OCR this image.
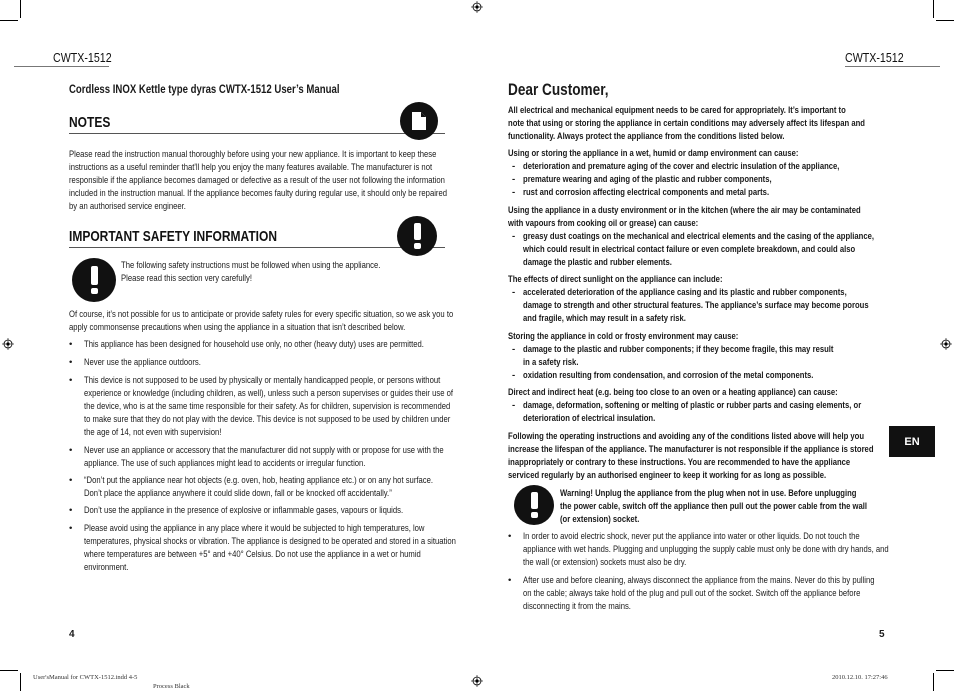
CWTX-1512	CWTX-1512
Cordless INOX Kettle type dyras CWTX-1512 User’s Manual
NOTES
Please read the instruction manual thoroughly before using your new appliance. It is important to keep these
instructions as a useful reminder that'll help you enjoy the many features available. The manufacturer is not
responsible if the appliance becomes damaged or defective as a result of the user not following the information
included in the instruction manual. If the appliance becomes faulty during regular use, it should only be repaired
by an authorised service engineer.
IMPORTANT SAFETY INFORMATION
The following safety instructions must be followed when using the appliance.
Please read this section very carefully!
Of course, it’s not possible for us to anticipate or provide safety rules for every specific situation, so we ask you to
apply commonsense precautions when using the appliance in a situation that isn’t described below.
• This appliance has been designed for household use only, no other (heavy duty) uses are permitted.
• Never use the appliance outdoors.
• This device is not supposed to be used by physically or mentally handicapped people, or persons without
experience or knowledge (including children, as well), unless such a person supervises or guides their use of
the device, who is at the same time responsible for their safety. As for children, supervision is recommended
to make sure that they do not play with the device. This device is not supposed to be used by children under
the age of 14, not even with supervision!
• Never use an appliance or accessory that the manufacturer did not supply with or propose for use with the
appliance. The use of such appliances might lead to accidents or irregular function.
• “Don’t put the appliance near hot objects (e.g. oven, hob, heating appliance etc.) or on any hot surface.
Don’t place the appliance anywhere it could slide down, fall or be knocked off accidentally.”
• Don’t use the appliance in the presence of explosive or inflammable gases, vapours or liquids.
• Please avoid using the appliance in any place where it would be subjected to high temperatures, low
temperatures, physical shocks or vibration. The appliance is designed to be operated and stored in a situation
where temperatures are between +5° and +40° Celsius. Do not use the appliance in a wet or humid
environment.
4
Dear Customer,
All electrical and mechanical equipment needs to be cared for appropriately. It’s important to
note that using or storing the appliance in certain conditions may adversely affect its lifespan and
functionality. Always protect the appliance from the conditions listed below.
Using or storing the appliance in a wet, humid or damp environment can cause:
- deterioration and premature aging of the cover and electric insulation of the appliance,
- premature wearing and aging of the plastic and rubber components,
- rust and corrosion affecting electrical components and metal parts.
Using the appliance in a dusty environment or in the kitchen (where the air may be contaminated
with vapours from cooking oil or grease) can cause:
- greasy dust coatings on the mechanical and electrical elements and the casing of the appliance,
which could result in electrical contact failure or even complete breakdown, and could also
damage the plastic and rubber elements.
The effects of direct sunlight on the appliance can include:
- accelerated deterioration of the appliance casing and its plastic and rubber components,
damage to strength and other structural features. The appliance’s surface may become porous
and fragile, which may result in a safety risk.
Storing the appliance in cold or frosty environment may cause:
- damage to the plastic and rubber components; if they become fragile, this may result
in a safety risk.
- oxidation resulting from condensation, and corrosion of the metal components.
Direct and indirect heat (e.g. being too close to an oven or a heating appliance) can cause:
- damage, deformation, softening or melting of plastic or rubber parts and casing elements, or
deterioration of electrical insulation.
Following the operating instructions and avoiding any of the conditions listed above will help you
increase the lifespan of the appliance. The manufacturer is not responsible if the appliance is stored
inappropriately or contrary to these instructions. You are recommended to have the appliance
serviced regularly by an authorised engineer to keep it working for as long as possible.
Warning! Unplug the appliance from the plug when not in use. Before unplugging
the power cable, switch off the appliance then pull out the power cable from the wall
(or extension) socket.
• In order to avoid electric shock, never put the appliance into water or other liquids. Do not touch the
appliance with wet hands. Plugging and unplugging the supply cable must only be done with dry hands, and
the wall (or extension) sockets must also be dry.
• After use and before cleaning, always disconnect the appliance from the mains. Never do this by pulling
on the cable; always take hold of the plug and pull out of the socket. Switch off the appliance before
disconnecting it from the mains.
5
EN
User'sManual for CWTX-1512.indd 4-5
Process Black
2010.12.10. 17:27:46
